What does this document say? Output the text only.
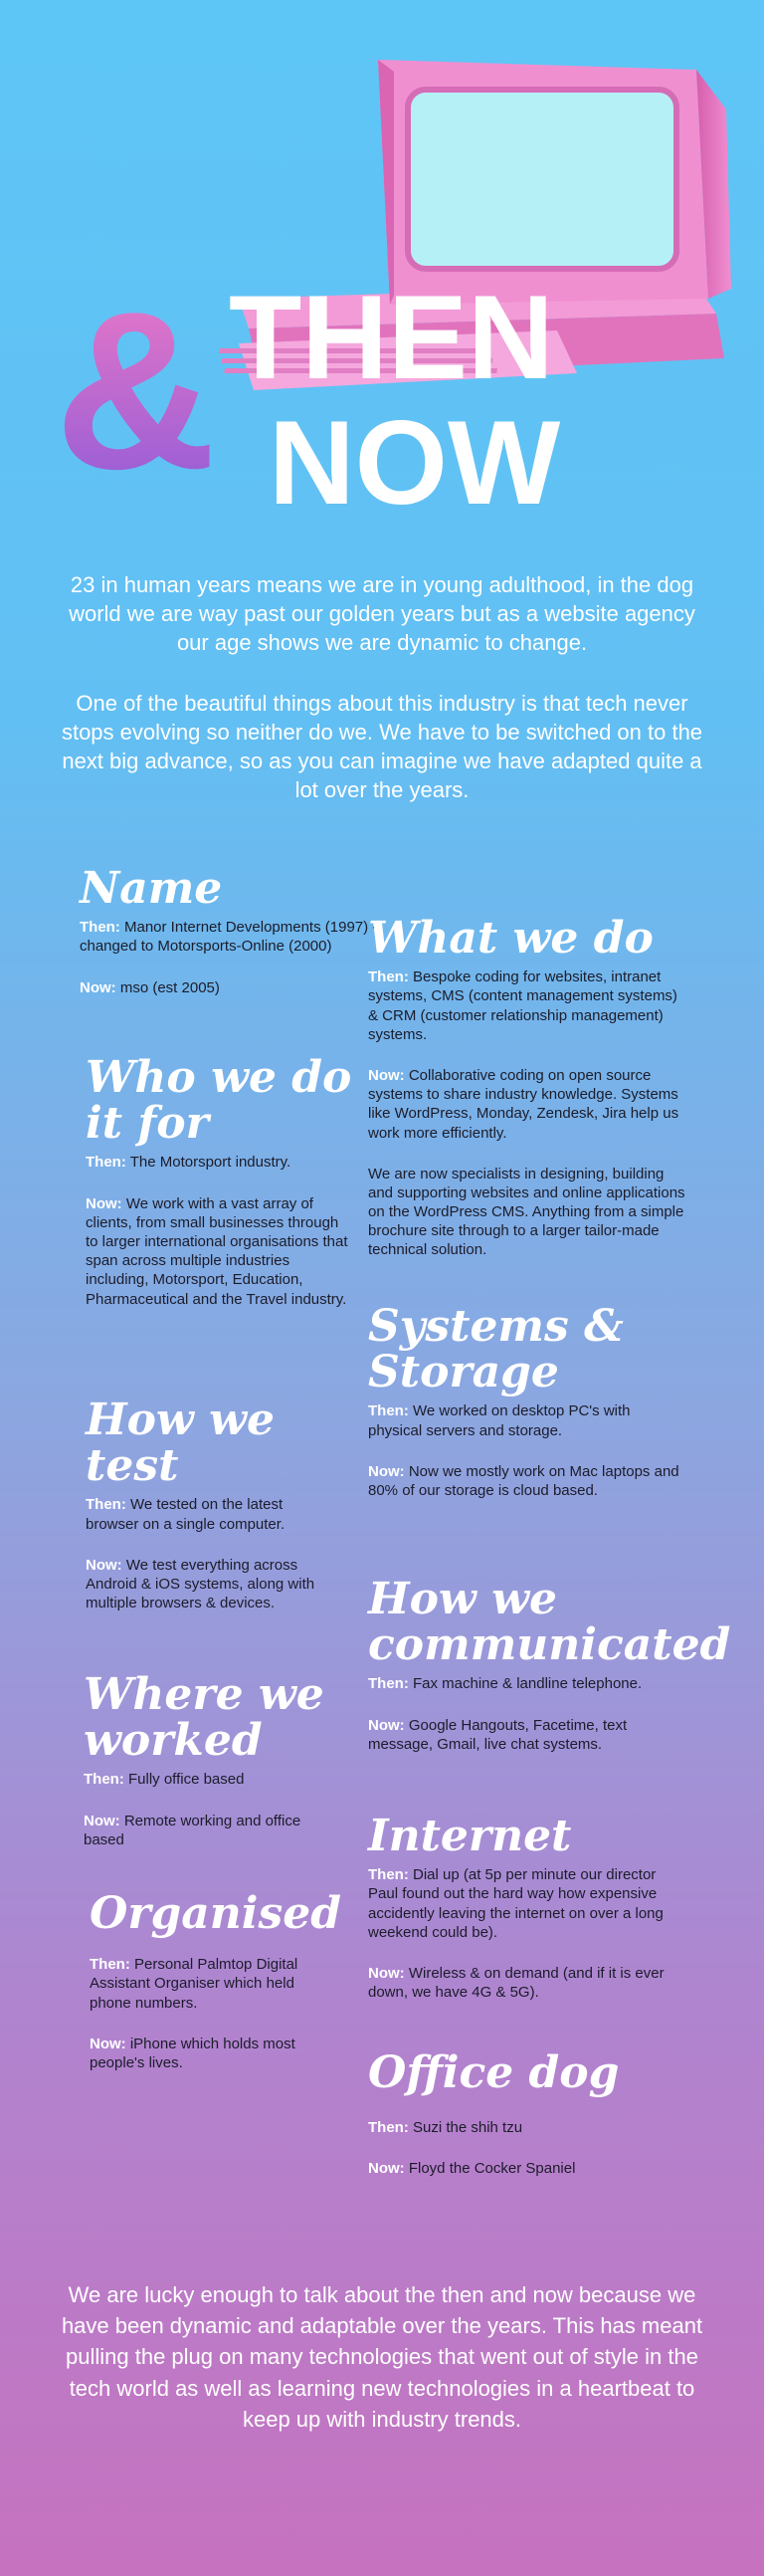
& THEN
NOW

23 in human years means we are in young adulthood, in the dog world we are way past our golden years but as a website agency our age shows we are dynamic to change.

One of the beautiful things about this industry is that tech never stops evolving so neither do we. We have to be switched on to the next big advance, so as you can imagine we have adapted quite a lot over the years.

Name

Then: Manor Internet Developments (1997) - changed to Motorsports-Online (2000)

Now: mso (est 2005)

Who we do it for

Then: The Motorsport industry.

Now: We work with a vast array of clients, from small businesses through to larger international organisations that span across multiple industries including, Motorsport, Education, Pharmaceutical and the Travel industry.

How we test

Then: We tested on the latest browser on a single computer.

Now: We test everything across Android & iOS systems, along with multiple browsers & devices.

Where we worked

Then: Fully office based

Now: Remote working and office based

Organised

Then: Personal Palmtop Digital Assistant Organiser which held phone numbers.

Now: iPhone which holds most people's lives.

What we do

Then: Bespoke coding for websites, intranet systems, CMS (content management systems) & CRM (customer relationship management) systems.

Now: Collaborative coding on open source systems to share industry knowledge. Systems like WordPress, Monday, Zendesk, Jira help us work more efficiently.

We are now specialists in designing, building and supporting websites and online applications on the WordPress CMS. Anything from a simple brochure site through to a larger tailor-made technical solution.

Systems & Storage

Then: We worked on desktop PC's with physical servers and storage.

Now: Now we mostly work on Mac laptops and 80% of our storage is cloud based.

How we communicated

Then: Fax machine & landline telephone.

Now: Google Hangouts, Facetime, text message, Gmail, live chat systems.

Internet

Then: Dial up (at 5p per minute our director Paul found out the hard way how expensive accidently leaving the internet on over a long weekend could be).

Now: Wireless & on demand (and if it is ever down, we have 4G & 5G).

Office dog

Then: Suzi the shih tzu

Now: Floyd the Cocker Spaniel

We are lucky enough to talk about the then and now because we have been dynamic and adaptable over the years. This has meant pulling the plug on many technologies that went out of style in the tech world as well as learning new technologies in a heartbeat to keep up with industry trends.
